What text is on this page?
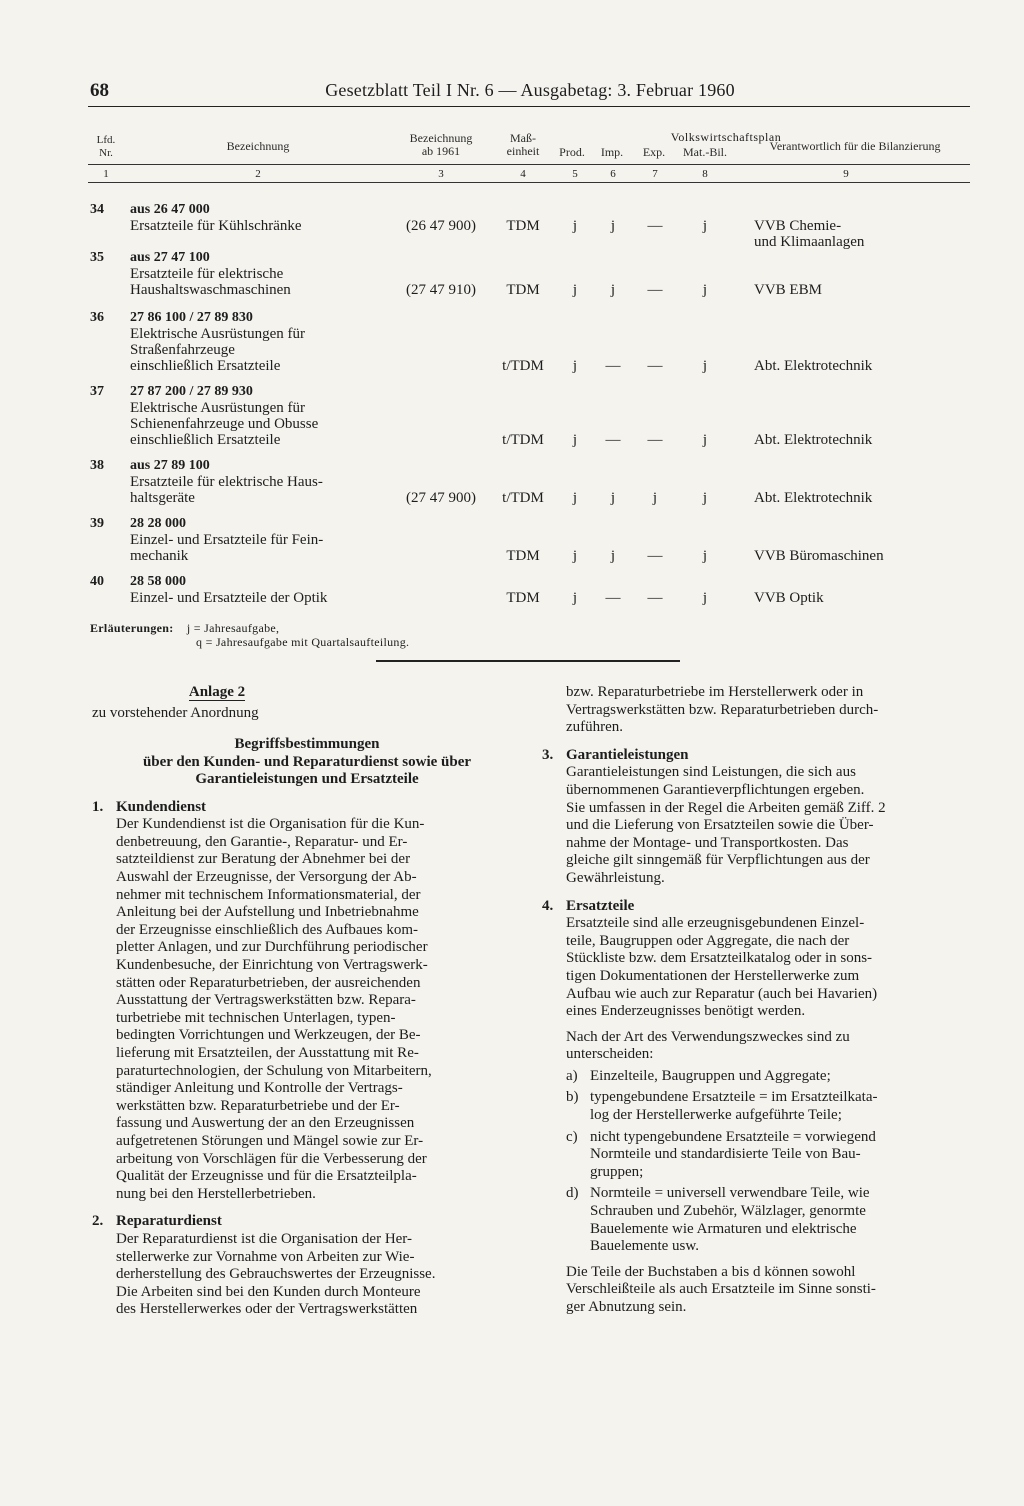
68	Gesetzblatt Teil I Nr. 6 — Ausgabetag: 3. Februar 1960
Lfd.
Nr.	Bezeichnung
Bezeichnung
ab 1961
Maß-
einheit
Volkswirtschaftsplan
Prod.	Imp.	Exp.	Mat.-Bil.	Verantwortlich für die Bilanzierung
1	2	3	4	5	6	7	8	9
34 aus 26 47 000
Ersatzteile für Kühlschränke	(26 47 900)	TDM	j	j	—	j	VVB Chemie-
und Klimaanlagen
35 aus 27 47 100
Ersatzteile für elektrische
Haushaltswaschmaschinen	(27 47 910)	TDM	j	j	—	j	VVB EBM
36 27 86 100 / 27 89 830
Elektrische Ausrüstungen für
Straßenfahrzeuge
einschließlich Ersatzteile	t/TDM	j	—	—	j	Abt. Elektrotechnik
37 27 87 200 / 27 89 930
Elektrische Ausrüstungen für
Schienenfahrzeuge und Obusse
einschließlich Ersatzteile	t/TDM	j	—	—	j	Abt. Elektrotechnik
38 aus 27 89 100
Ersatzteile für elektrische Haus-
haltsgeräte	(27 47 900)	t/TDM	j	j	j	j	Abt. Elektrotechnik
39 28 28 000
Einzel- und Ersatzteile für Fein-
mechanik	TDM	j	j	—	j	VVB Büromaschinen
40 28 58 000
Einzel- und Ersatzteile der Optik	TDM	j	—	—	j	VVB Optik
Erläuterungen: j = Jahresaufgabe,
q = Jahresaufgabe mit Quartalsaufteilung.
Anlage 2
zu vorstehender Anordnung
Begriffsbestimmungen
über den Kunden- und Reparaturdienst sowie über
Garantieleistungen und Ersatzteile
1. Kundendienst
Der Kundendienst ist die Organisation für die Kun-
denbetreuung, den Garantie-, Reparatur- und Er-
satzteildienst zur Beratung der Abnehmer bei der
Auswahl der Erzeugnisse, der Versorgung der Ab-
nehmer mit technischem Informationsmaterial, der
Anleitung bei der Aufstellung und Inbetriebnahme
der Erzeugnisse einschließlich des Aufbaues kom-
pletter Anlagen, und zur Durchführung periodischer
Kundenbesuche, der Einrichtung von Vertragswerk-
stätten oder Reparaturbetrieben, der ausreichenden
Ausstattung der Vertragswerkstätten bzw. Repara-
turbetriebe mit technischen Unterlagen, typen-
bedingten Vorrichtungen und Werkzeugen, der Be-
lieferung mit Ersatzteilen, der Ausstattung mit Re-
paraturtechnologien, der Schulung von Mitarbeitern,
ständiger Anleitung und Kontrolle der Vertrags-
werkstätten bzw. Reparaturbetriebe und der Er-
fassung und Auswertung der an den Erzeugnissen
aufgetretenen Störungen und Mängel sowie zur Er-
arbeitung von Vorschlägen für die Verbesserung der
Qualität der Erzeugnisse und für die Ersatzteilpla-
nung bei den Herstellerbetrieben.
2. Reparaturdienst
Der Reparaturdienst ist die Organisation der Her-
stellerwerke zur Vornahme von Arbeiten zur Wie-
derherstellung des Gebrauchswertes der Erzeugnisse.
Die Arbeiten sind bei den Kunden durch Monteure
des Herstellerwerkes oder der Vertragswerkstätten
bzw. Reparaturbetriebe im Herstellerwerk oder in
Vertragswerkstätten bzw. Reparaturbetrieben durch-
zuführen.
3. Garantieleistungen
Garantieleistungen sind Leistungen, die sich aus
übernommenen Garantieverpflichtungen ergeben.
Sie umfassen in der Regel die Arbeiten gemäß Ziff. 2
und die Lieferung von Ersatzteilen sowie die Über-
nahme der Montage- und Transportkosten. Das
gleiche gilt sinngemäß für Verpflichtungen aus der
Gewährleistung.
4. Ersatzteile
Ersatzteile sind alle erzeugnisgebundenen Einzel-
teile, Baugruppen oder Aggregate, die nach der
Stückliste bzw. dem Ersatzteilkatalog oder in sons-
tigen Dokumentationen der Herstellerwerke zum
Aufbau wie auch zur Reparatur (auch bei Havarien)
eines Enderzeugnisses benötigt werden.
Nach der Art des Verwendungszweckes sind zu
unterscheiden:
a) Einzelteile, Baugruppen und Aggregate;
b) typengebundene Ersatzteile = im Ersatzteilkata-
log der Herstellerwerke aufgeführte Teile;
c) nicht typengebundene Ersatzteile = vorwiegend
Normteile und standardisierte Teile von Bau-
gruppen;
d) Normteile = universell verwendbare Teile, wie
Schrauben und Zubehör, Wälzlager, genormte
Bauelemente wie Armaturen und elektrische
Bauelemente usw.
Die Teile der Buchstaben a bis d können sowohl
Verschleißteile als auch Ersatzteile im Sinne sonsti-
ger Abnutzung sein.
